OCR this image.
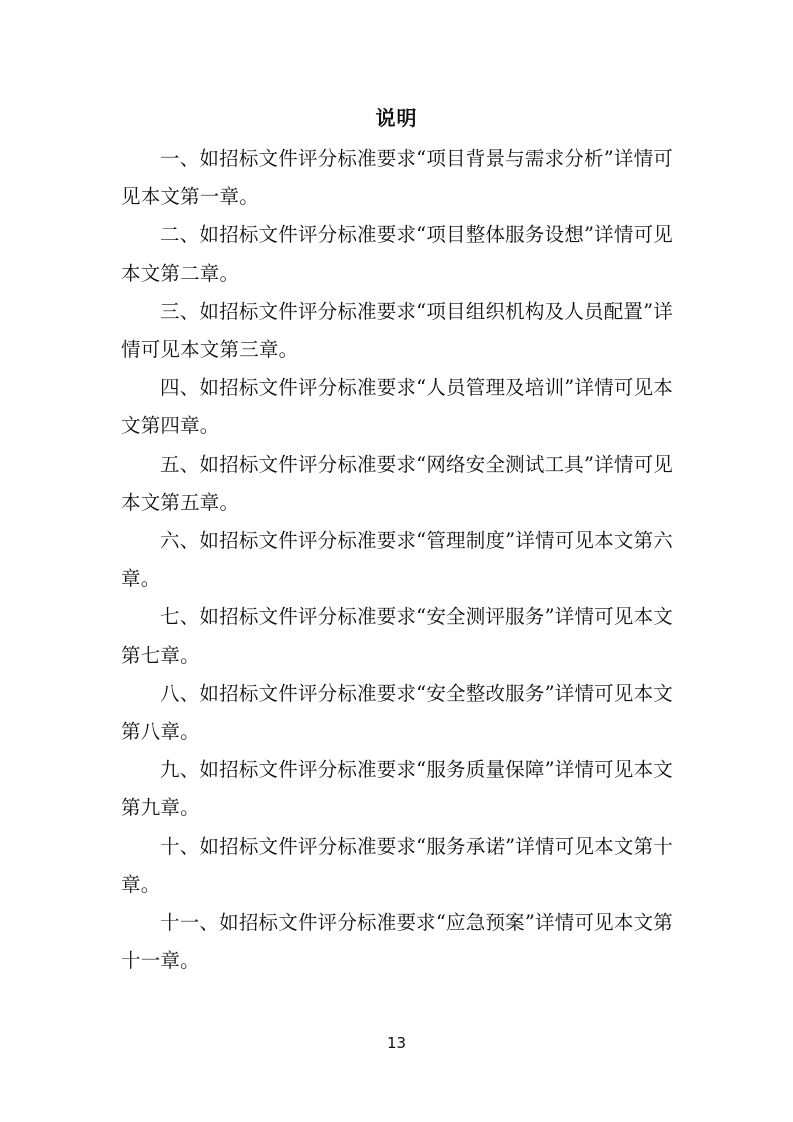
说明

一、如招标文件评分标准要求“项目背景与需求分析”详情可见本文第一章。

二、如招标文件评分标准要求“项目整体服务设想”详情可见本文第二章。

三、如招标文件评分标准要求“项目组织机构及人员配置”详情可见本文第三章。

四、如招标文件评分标准要求“人员管理及培训”详情可见本文第四章。

五、如招标文件评分标准要求“网络安全测试工具”详情可见本文第五章。

六、如招标文件评分标准要求“管理制度”详情可见本文第六章。

七、如招标文件评分标准要求“安全测评服务”详情可见本文第七章。

八、如招标文件评分标准要求“安全整改服务”详情可见本文第八章。

九、如招标文件评分标准要求“服务质量保障”详情可见本文第九章。

十、如招标文件评分标准要求“服务承诺”详情可见本文第十章。

十一、如招标文件评分标准要求“应急预案”详情可见本文第十一章。

13
